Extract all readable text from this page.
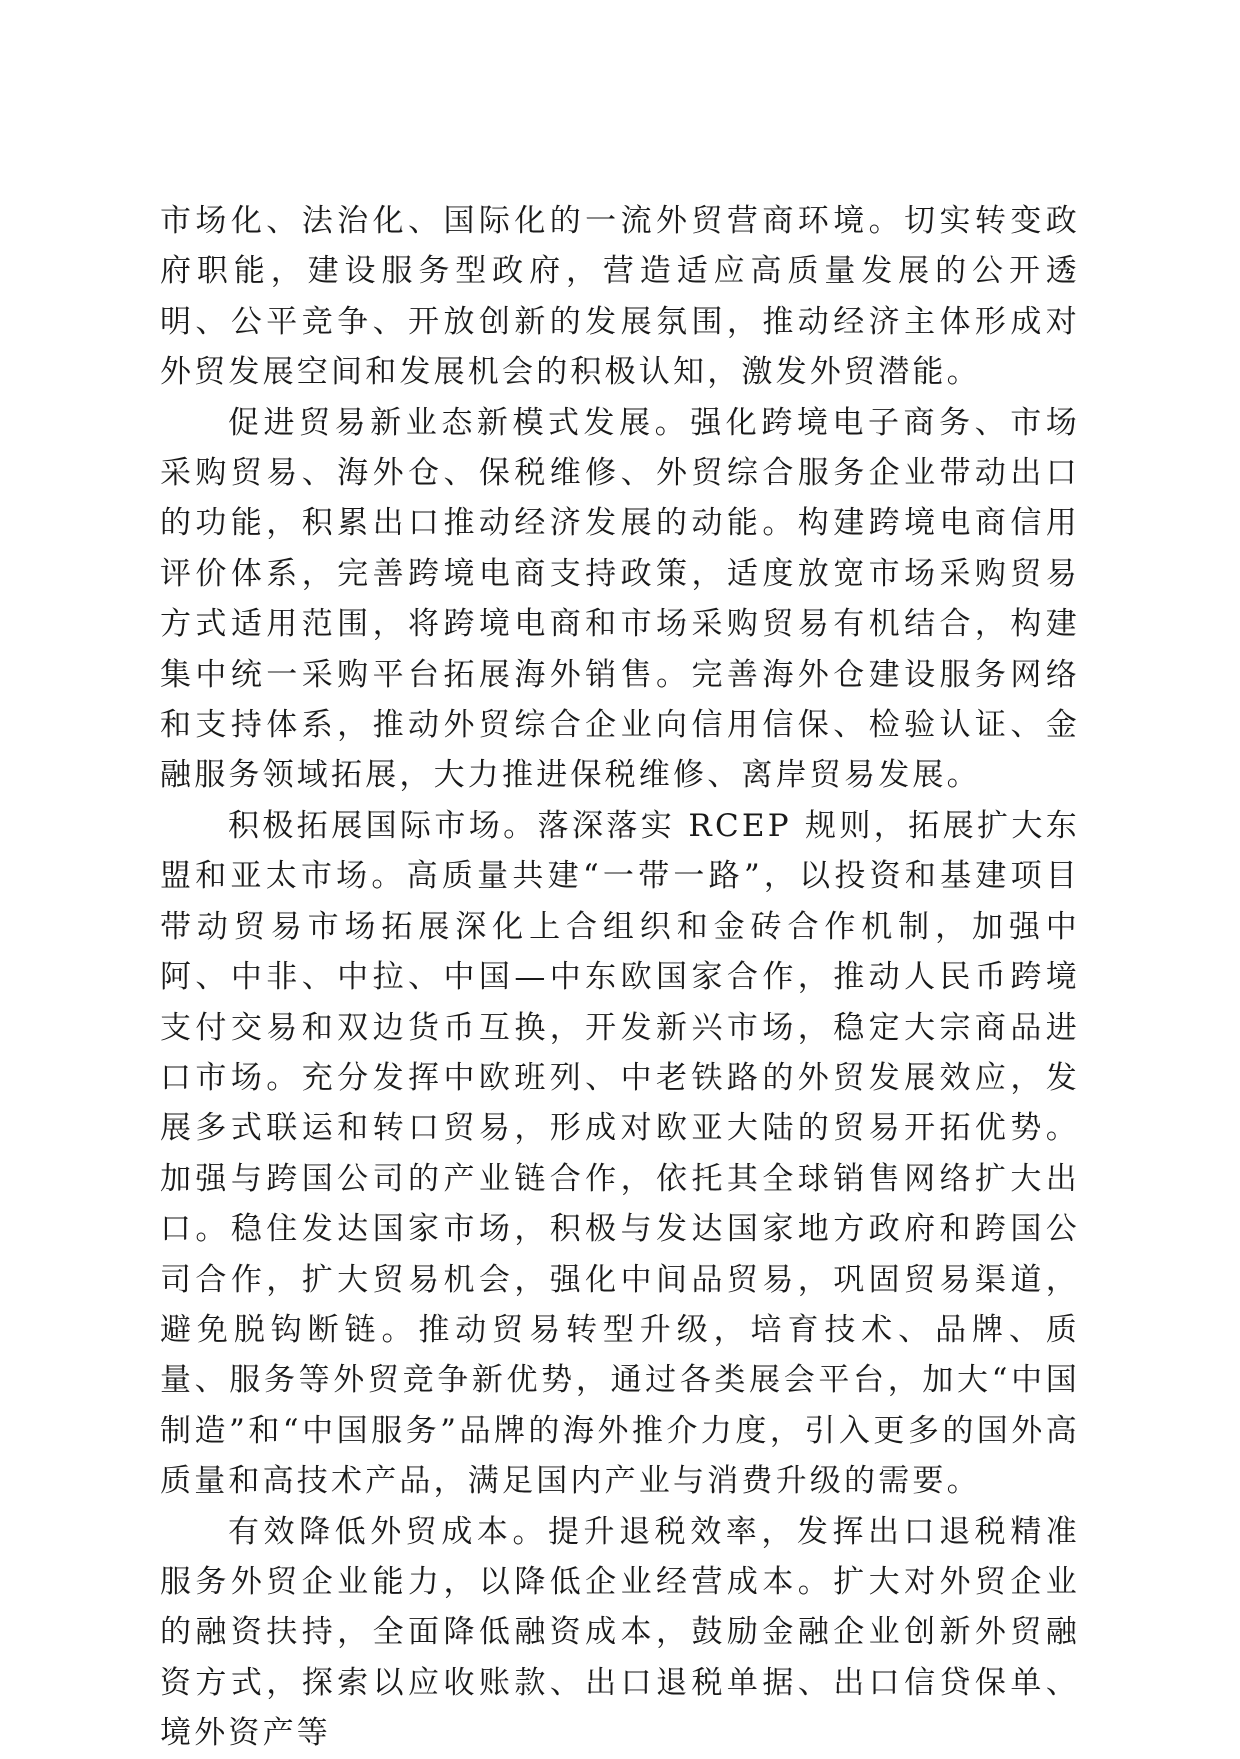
市场化、法治化、国际化的一流外贸营商环境。切实转变政府职能，建设服务型政府，营造适应高质量发展的公开透明、公平竞争、开放创新的发展氛围，推动经济主体形成对外贸发展空间和发展机会的积极认知，激发外贸潜能。

促进贸易新业态新模式发展。强化跨境电子商务、市场采购贸易、海外仓、保税维修、外贸综合服务企业带动出口的功能，积累出口推动经济发展的动能。构建跨境电商信用评价体系，完善跨境电商支持政策，适度放宽市场采购贸易方式适用范围，将跨境电商和市场采购贸易有机结合，构建集中统一采购平台拓展海外销售。完善海外仓建设服务网络和支持体系，推动外贸综合企业向信用信保、检验认证、金融服务领域拓展，大力推进保税维修、离岸贸易发展。

积极拓展国际市场。落深落实 RCEP 规则，拓展扩大东盟和亚太市场。高质量共建“一带一路”，以投资和基建项目带动贸易市场拓展深化上合组织和金砖合作机制，加强中阿、中非、中拉、中国—中东欧国家合作，推动人民币跨境支付交易和双边货币互换，开发新兴市场，稳定大宗商品进口市场。充分发挥中欧班列、中老铁路的外贸发展效应，发展多式联运和转口贸易，形成对欧亚大陆的贸易开拓优势。加强与跨国公司的产业链合作，依托其全球销售网络扩大出口。稳住发达国家市场，积极与发达国家地方政府和跨国公司合作，扩大贸易机会，强化中间品贸易，巩固贸易渠道，避免脱钩断链。推动贸易转型升级，培育技术、品牌、质量、服务等外贸竞争新优势，通过各类展会平台，加大“中国制造”和“中国服务”品牌的海外推介力度，引入更多的国外高质量和高技术产品，满足国内产业与消费升级的需要。

有效降低外贸成本。提升退税效率，发挥出口退税精准服务外贸企业能力，以降低企业经营成本。扩大对外贸企业的融资扶持，全面降低融资成本，鼓励金融企业创新外贸融资方式，探索以应收账款、出口退税单据、出口信贷保单、境外资产等
